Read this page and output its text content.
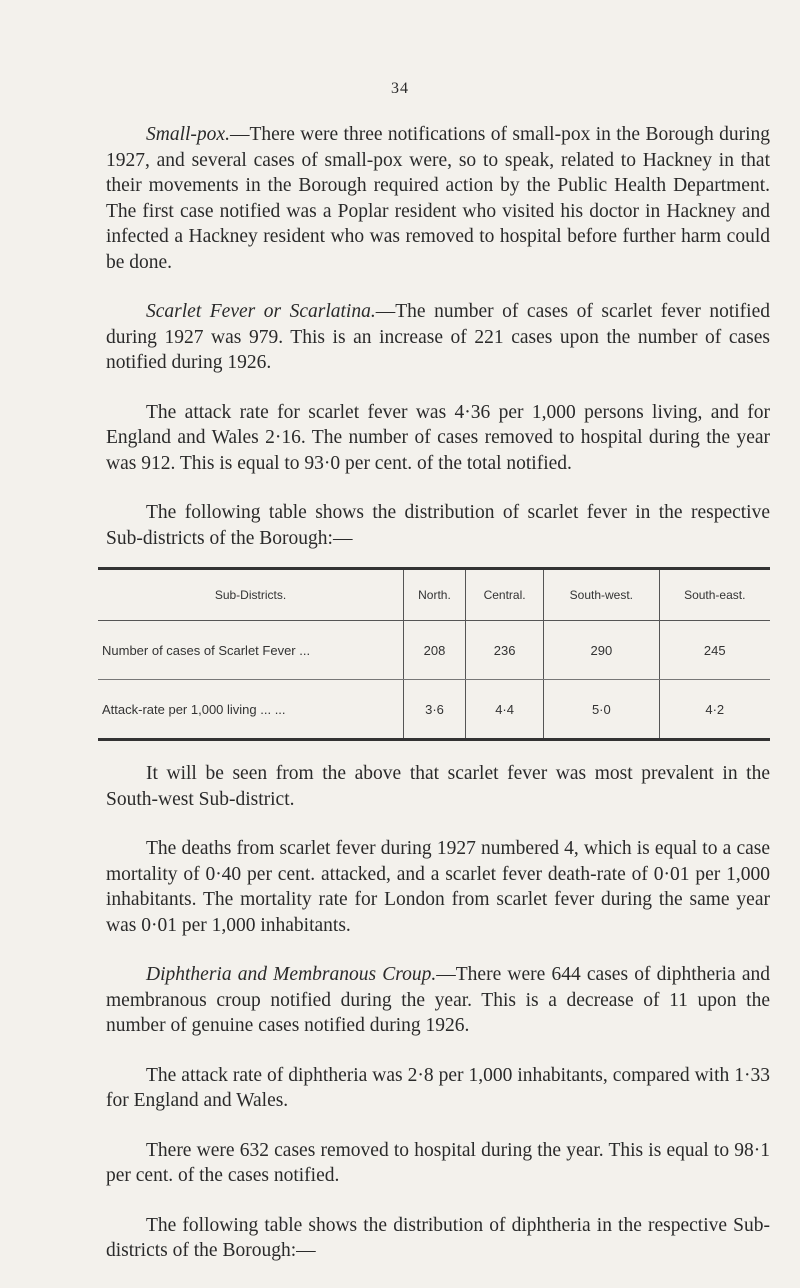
34

Small-pox.—There were three notifications of small-pox in the Borough during 1927, and several cases of small-pox were, so to speak, related to Hackney in that their movements in the Borough required action by the Public Health Department. The first case notified was a Poplar resident who visited his doctor in Hackney and infected a Hackney resident who was removed to hospital before further harm could be done.

Scarlet Fever or Scarlatina.—The number of cases of scarlet fever notified during 1927 was 979. This is an increase of 221 cases upon the number of cases notified during 1926.

The attack rate for scarlet fever was 4·36 per 1,000 persons living, and for England and Wales 2·16. The number of cases removed to hospital during the year was 912. This is equal to 93·0 per cent. of the total notified.

The following table shows the distribution of scarlet fever in the respective Sub-districts of the Borough:—

Sub-Districts.	North.	Central.	South-west.	South-east.
Number of cases of Scarlet Fever ...	208	236	290	245
Attack-rate per 1,000 living ... ...	3·6	4·4	5·0	4·2

It will be seen from the above that scarlet fever was most prevalent in the South-west Sub-district.

The deaths from scarlet fever during 1927 numbered 4, which is equal to a case mortality of 0·40 per cent. attacked, and a scarlet fever death-rate of 0·01 per 1,000 inhabitants. The mortality rate for London from scarlet fever during the same year was 0·01 per 1,000 inhabitants.

Diphtheria and Membranous Croup.—There were 644 cases of diphtheria and membranous croup notified during the year. This is a decrease of 11 upon the number of genuine cases notified during 1926.

The attack rate of diphtheria was 2·8 per 1,000 inhabitants, compared with 1·33 for England and Wales.

There were 632 cases removed to hospital during the year. This is equal to 98·1 per cent. of the cases notified.

The following table shows the distribution of diphtheria in the respective Sub-districts of the Borough:—
